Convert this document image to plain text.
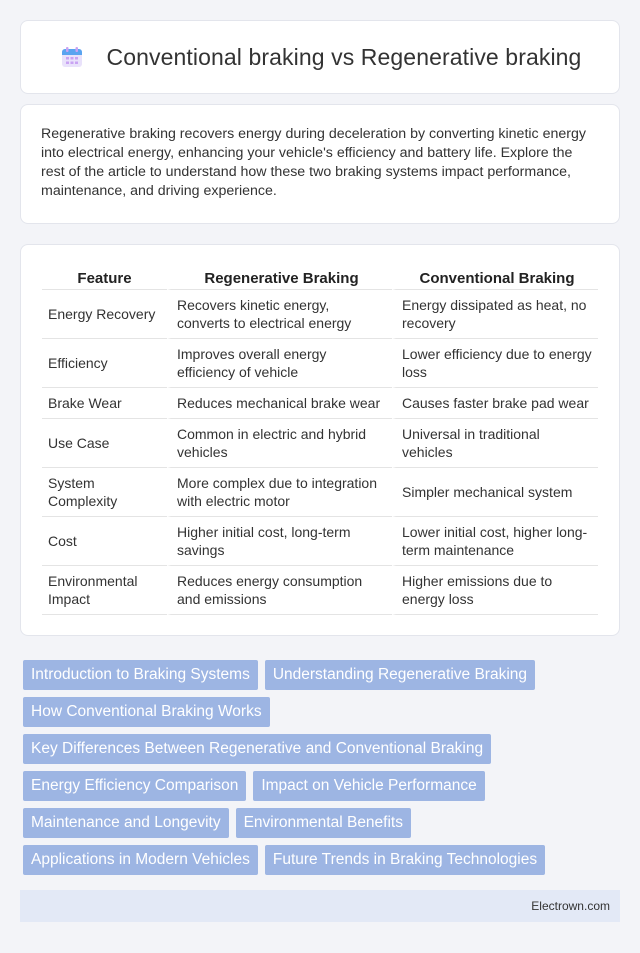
Conventional braking vs Regenerative braking

Regenerative braking recovers energy during deceleration by converting kinetic energy into electrical energy, enhancing your vehicle's efficiency and battery life. Explore the rest of the article to understand how these two braking systems impact performance, maintenance, and driving experience.

Feature	Regenerative Braking	Conventional Braking
Energy Recovery	Recovers kinetic energy, converts to electrical energy	Energy dissipated as heat, no recovery
Efficiency	Improves overall energy efficiency of vehicle	Lower efficiency due to energy loss
Brake Wear	Reduces mechanical brake wear	Causes faster brake pad wear
Use Case	Common in electric and hybrid vehicles	Universal in traditional vehicles
System Complexity	More complex due to integration with electric motor	Simpler mechanical system
Cost	Higher initial cost, long-term savings	Lower initial cost, higher long-term maintenance
Environmental Impact	Reduces energy consumption and emissions	Higher emissions due to energy loss
Introduction to Braking Systems	Understanding Regenerative Braking
How Conventional Braking Works
Key Differences Between Regenerative and Conventional Braking
Energy Efficiency Comparison	Impact on Vehicle Performance
Maintenance and Longevity	Environmental Benefits
Applications in Modern Vehicles	Future Trends in Braking Technologies
Electrown.com
